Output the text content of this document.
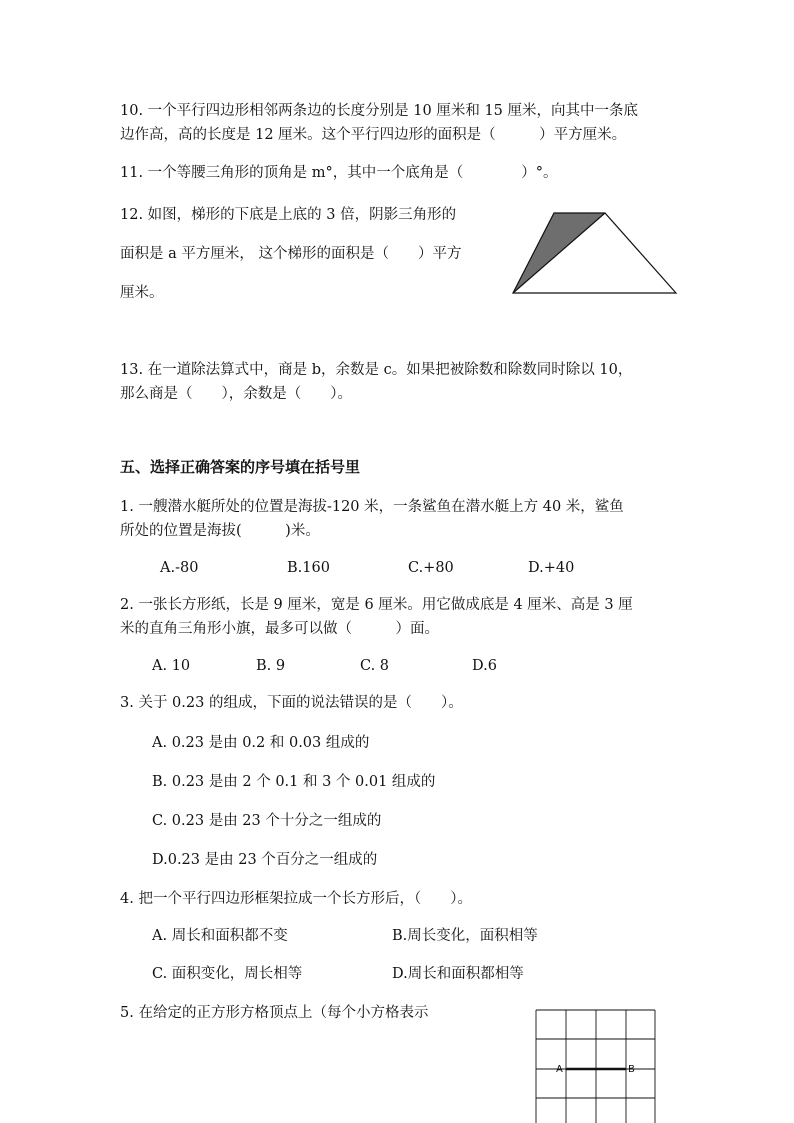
10. 一个平行四边形相邻两条边的长度分别是 10 厘米和 15 厘米，向其中一条底
边作高，高的长度是 12 厘米。这个平行四边形的面积是（　　　）平方厘米。
11. 一个等腰三角形的顶角是 m°，其中一个底角是（　　　　）°。
12. 如图，梯形的下底是上底的 3 倍，阴影三角形的
面积是 a 平方厘米， 这个梯形的面积是（　　）平方
厘米。
13. 在一道除法算式中，商是 b，余数是 c。如果把被除数和除数同时除以 10，
那么商是（　　），余数是（　　）。
五、选择正确答案的序号填在括号里
1. 一艘潜水艇所处的位置是海拔-120 米，一条鲨鱼在潜水艇上方 40 米，鲨鱼
所处的位置是海拔(　　　)米。
A.-80	B.160	C.+80	D.+40
2. 一张长方形纸，长是 9 厘米，宽是 6 厘米。用它做成底是 4 厘米、高是 3 厘
米的直角三角形小旗，最多可以做（　　　）面。
A. 10	B. 9	C. 8	D.6
3. 关于 0.23 的组成，下面的说法错误的是（　　）。
A. 0.23 是由 0.2 和 0.03 组成的
B. 0.23 是由 2 个 0.1 和 3 个 0.01 组成的
C. 0.23 是由 23 个十分之一组成的
D.0.23 是由 23 个百分之一组成的
4. 把一个平行四边形框架拉成一个长方形后，（　　）。
A. 周长和面积都不变	B.周长变化，面积相等
C. 面积变化，周长相等	D.周长和面积都相等
5. 在给定的正方形方格顶点上（每个小方格表示
A	B
